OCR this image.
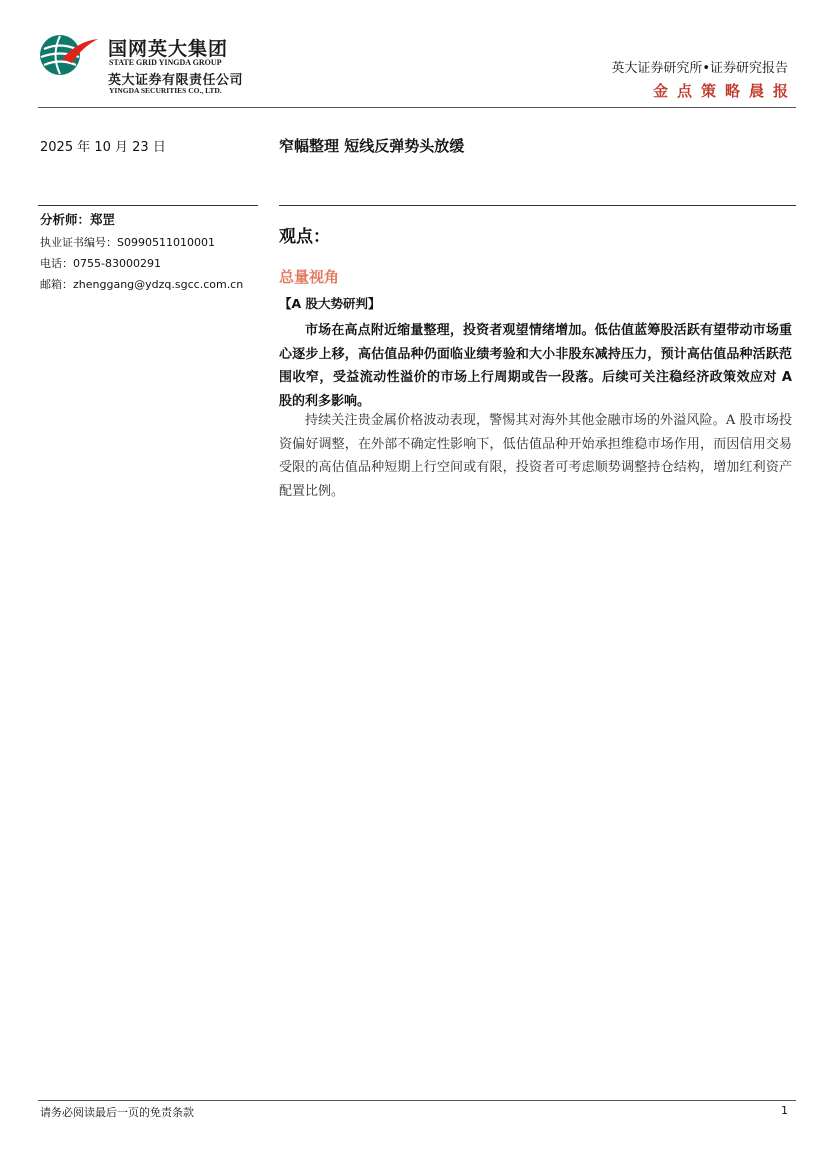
国网英大集团
STATE GRID YINGDA GROUP
英大证券有限责任公司
YINGDA SECURITIES CO., LTD.
英大证券研究所•证券研究报告
金点策略晨报
2025 年 10 月 23 日	窄幅整理 短线反弹势头放缓
分析师：郑罡
执业证书编号：S0990511010001
电话：0755-83000291
邮箱：zhenggang@ydzq.sgcc.com.cn
观点：
总量视角
【A 股大势研判】

市场在高点附近缩量整理，投资者观望情绪增加。低估值蓝筹股活跃有望带动市场重心逐步上移，高估值品种仍面临业绩考验和大小非股东减持压力，预计高估值品种活跃范围收窄，受益流动性溢价的市场上行周期或告一段落。后续可关注稳经济政策效应对 A 股的利多影响。

持续关注贵金属价格波动表现，警惕其对海外其他金融市场的外溢风险。A 股市场投资偏好调整，在外部不确定性影响下，低估值品种开始承担维稳市场作用，而因信用交易受限的高估值品种短期上行空间或有限，投资者可考虑顺势调整持仓结构，增加红利资产配置比例。

请务必阅读最后一页的免责条款	1
